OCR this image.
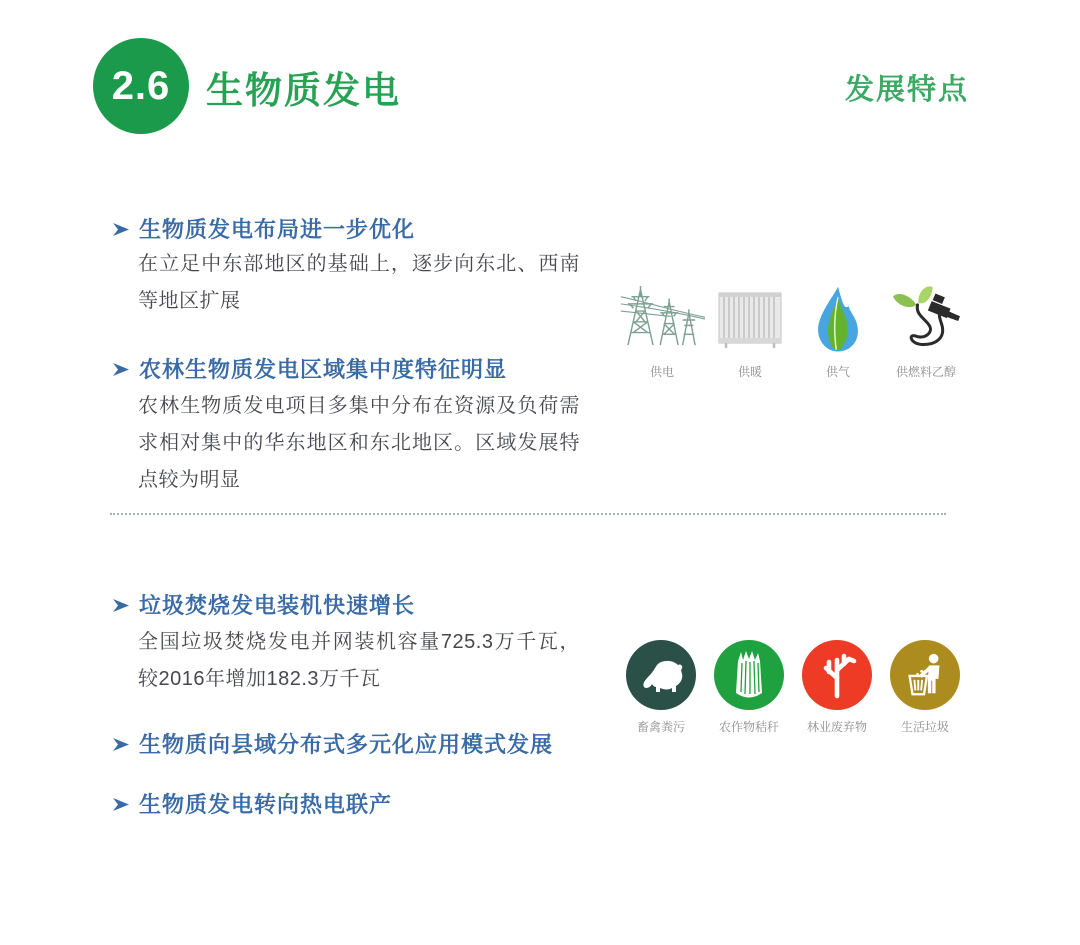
2.6 生物质发电	发展特点
生物质发电布局进一步优化
在立足中东部地区的基础上，逐步向东北、西南等地区扩展
农林生物质发电区域集中度特征明显
农林生物质发电项目多集中分布在资源及负荷需求相对集中的华东地区和东北地区。区域发展特点较为明显
供电	供暖	供气	供燃料乙醇
垃圾焚烧发电装机快速增长
全国垃圾焚烧发电并网装机容量725.3万千瓦，较2016年增加182.3万千瓦
生物质向县域分布式多元化应用模式发展
生物质发电转向热电联产
畜禽粪污	农作物秸秆 林业废弃物	生活垃圾
